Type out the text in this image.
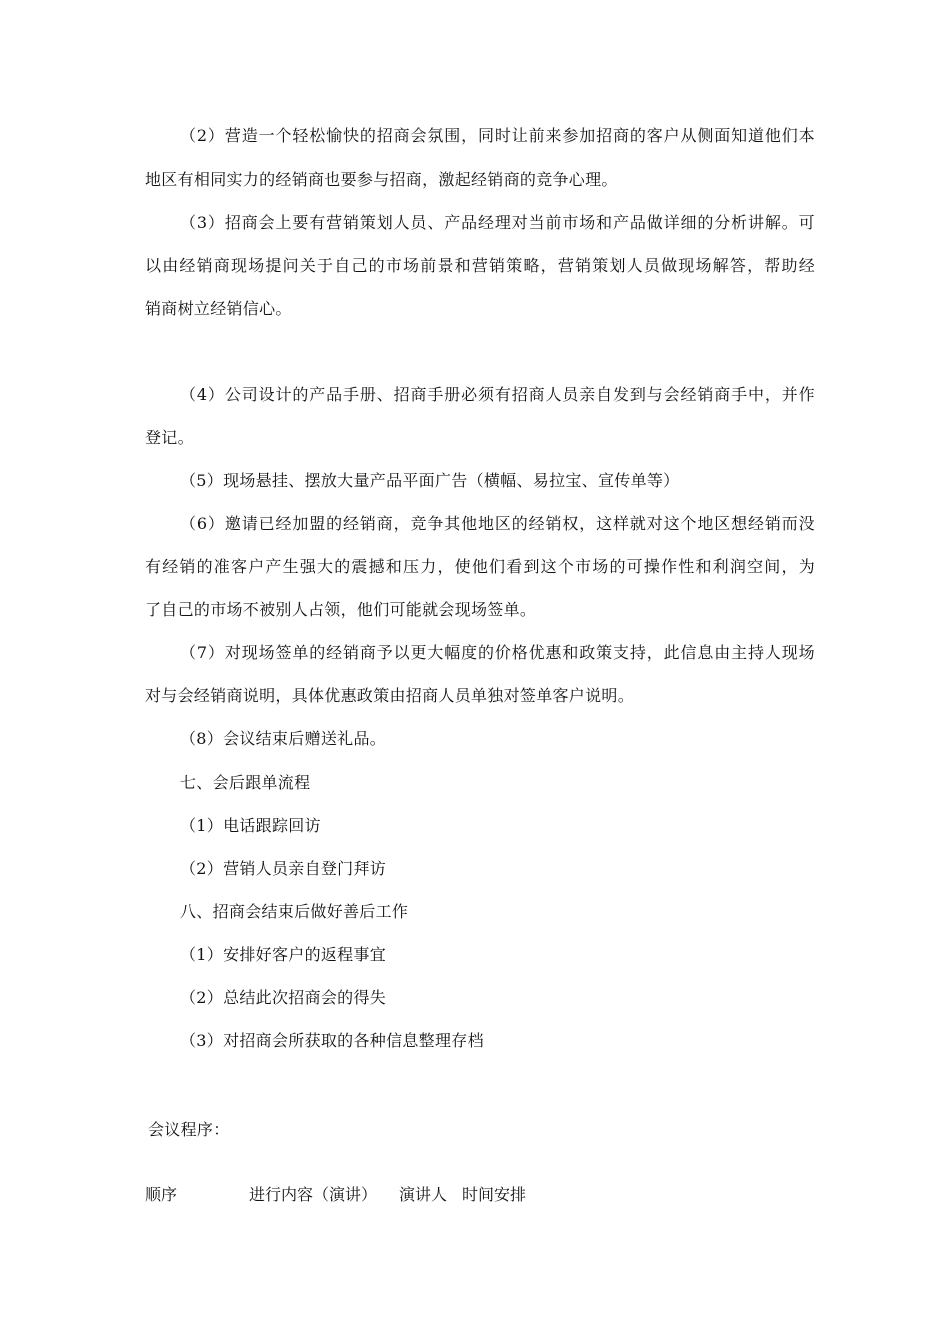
（2）营造一个轻松愉快的招商会氛围，同时让前来参加招商的客户从侧面知道他们本
地区有相同实力的经销商也要参与招商，激起经销商的竞争心理。
（3）招商会上要有营销策划人员、产品经理对当前市场和产品做详细的分析讲解。可
以由经销商现场提问关于自己的市场前景和营销策略，营销策划人员做现场解答，帮助经
销商树立经销信心。
（4）公司设计的产品手册、招商手册必须有招商人员亲自发到与会经销商手中，并作
登记。
（5）现场悬挂、摆放大量产品平面广告（横幅、易拉宝、宣传单等）
（6）邀请已经加盟的经销商，竞争其他地区的经销权，这样就对这个地区想经销而没
有经销的准客户产生强大的震撼和压力，使他们看到这个市场的可操作性和利润空间，为
了自己的市场不被别人占领，他们可能就会现场签单。
（7）对现场签单的经销商予以更大幅度的价格优惠和政策支持，此信息由主持人现场
对与会经销商说明，具体优惠政策由招商人员单独对签单客户说明。
（8）会议结束后赠送礼品。
七、会后跟单流程
（1）电话跟踪回访
（2）营销人员亲自登门拜访
八、招商会结束后做好善后工作
（1）安排好客户的返程事宜
（2）总结此次招商会的得失
（3）对招商会所获取的各种信息整理存档
会议程序：
顺序	进行内容（演讲） 演讲人 时间安排
